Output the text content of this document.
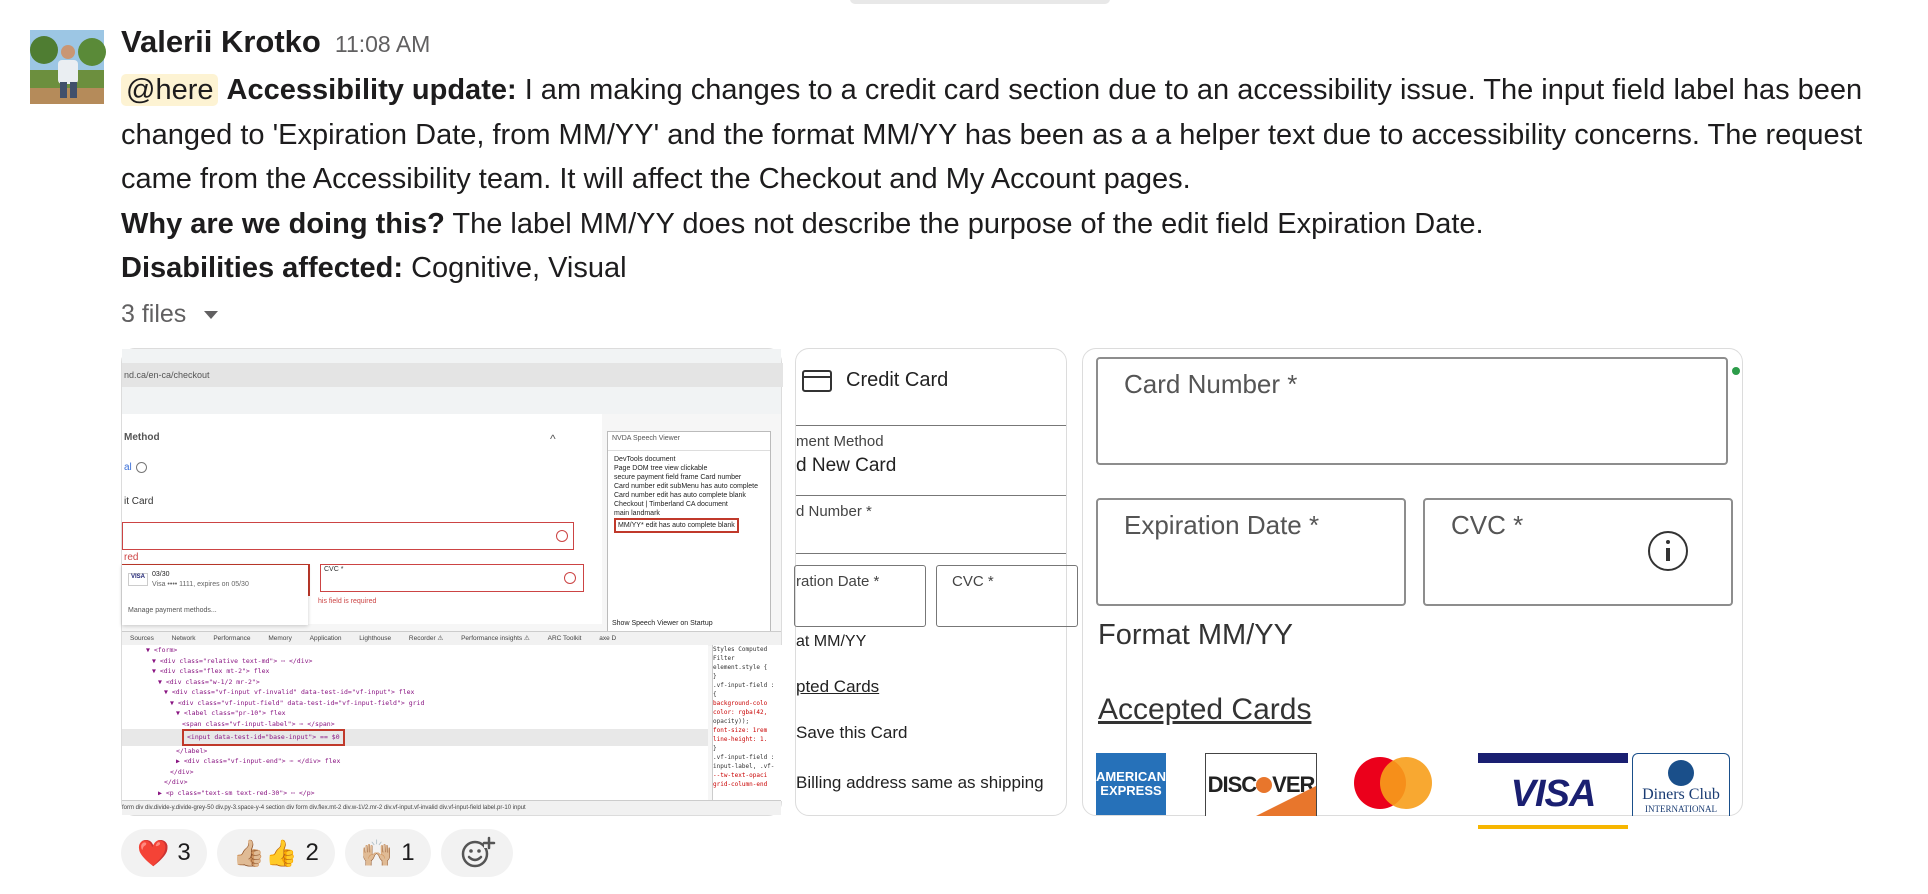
Valerii Krotko 11:08 AM

@here Accessibility update: I am making changes to a credit card section due to an accessibility issue. The input field label has been changed to 'Expiration Date, from MM/YY' and the format MM/YY has been as a a helper text due to accessibility concerns. The request came from the Accessibility team. It will affect the Checkout and My Account pages.

Why are we doing this? The label MM/YY does not describe the purpose of the edit field Expiration Date.

Disabilities affected: Cognitive, Visual

3 files
nd.ca/en-ca/checkout
Method	^
al
it Card
red
CVC *
his field is required
VISA	03/30
Visa •••• 1111, expires on 05/30
Manage payment methods...
NVDA Speech Viewer
DevTools document
Page DOM tree view clickable
secure payment field frame Card number
Card number edit subMenu has auto complete
Card number edit has auto complete blank
Checkout | Timberland CA document
main landmark
MM/YY* edit has auto complete blank
Show Speech Viewer on Startup
Sources	Network	Performance	Memory	Application	Lighthouse	Recorder ⚠	Performance insights ⚠	ARC Toolkit	axe D
▼ <form>
▼ <div class="relative text-md"> ⋯ </div>
▼ <div class="flex mt-2"> flex
▼ <div class="w-1/2 mr-2">
▼ <div class="vf-input vf-invalid" data-test-id="vf-input"> flex
▼ <div class="vf-input-field" data-test-id="vf-input-field"> grid
▼ <label class="pr-10"> flex
<span class="vf-input-label"> ⋯ </span>
<input data-test-id="base-input"> == $0
</label>
▶ <div class="vf-input-end"> ⋯ </div> flex
</div>
</div>
▶ <p class="text-sm text-red-30"> ⋯ </p>
Styles Computed
Filter
element.style {
}
.vf-input-field :
{
background-colo
color: rgba(42,
opacity));
font-size: 1rem
line-height: 1.
}
.vf-input-field :
input-label, .vf-
--tw-text-opaci
grid-column-end
form div div.divide-y.divide-grey-50 div.py-3.space-y-4 section div form div.flex.mt-2 div.w-1\/2.mr-2 div.vf-input.vf-invalid div.vf-input-field label.pr-10 input
Credit Card
ment Method
d New Card
d Number *
ration Date *	CVC *
at MM/YY
pted Cards
Save this Card
Billing address same as shipping
Card Number *
Expiration Date *	CVC *
Format MM/YY
Accepted Cards
AMERICAN
EXPRESS DISC VER	VISA	Diners Club
INTERNATIONAL
❤️ 3 👍🏼👍 2 🙌🏼 1
